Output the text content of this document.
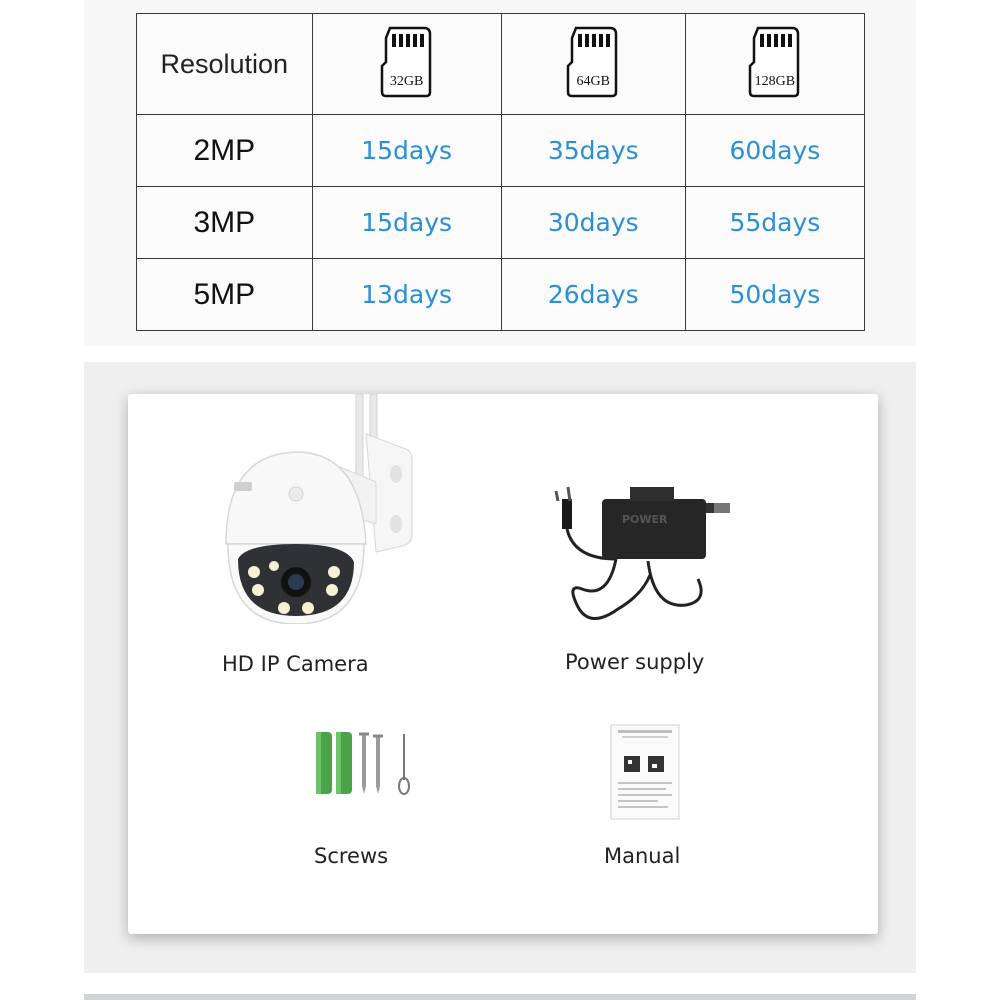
Resolution	32GB	64GB	128GB

2MP	15days	35days	60days
3MP	15days	30days	55days
5MP	13days	26days	50days
HD IP Camera
POWER
Power supply
Screws	Manual
